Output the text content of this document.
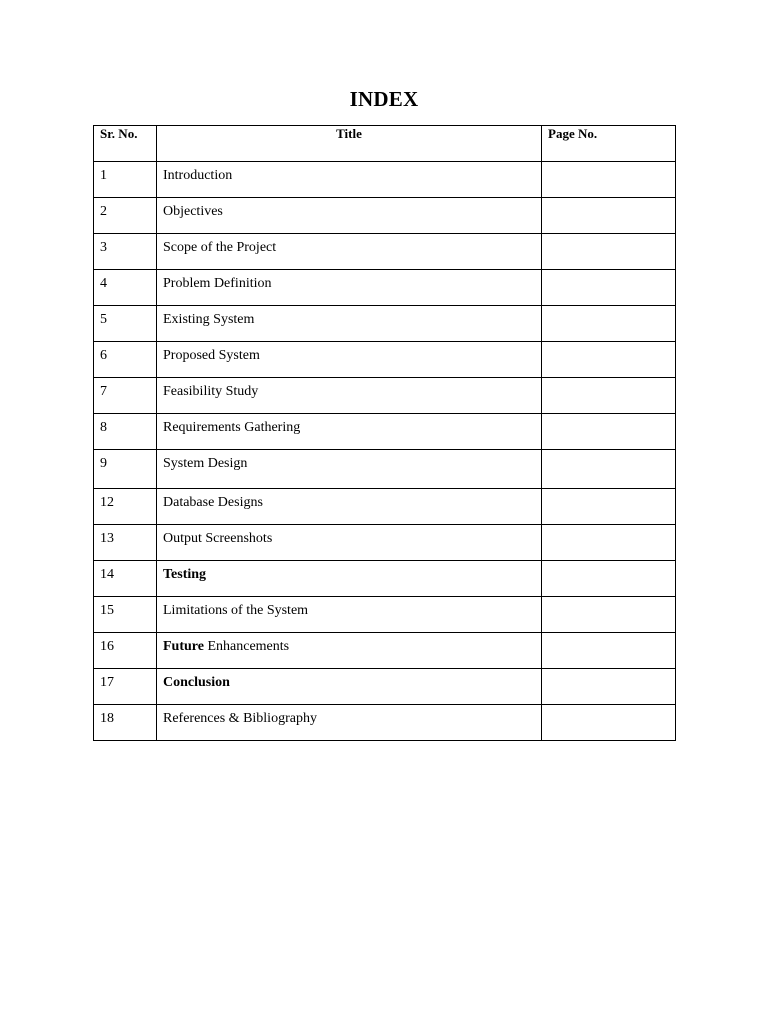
INDEX
Sr. No.	Title	Page No.
1	Introduction	
2	Objectives	
3	Scope of the Project	
4	Problem Definition	
5	Existing System	
6	Proposed System	
7	Feasibility Study	
8	Requirements Gathering	
9	System Design	
12	Database Designs	
13	Output Screenshots	
14	Testing	
15	Limitations of the System	
16	Future Enhancements	
17	Conclusion	
18	References & Bibliography	
